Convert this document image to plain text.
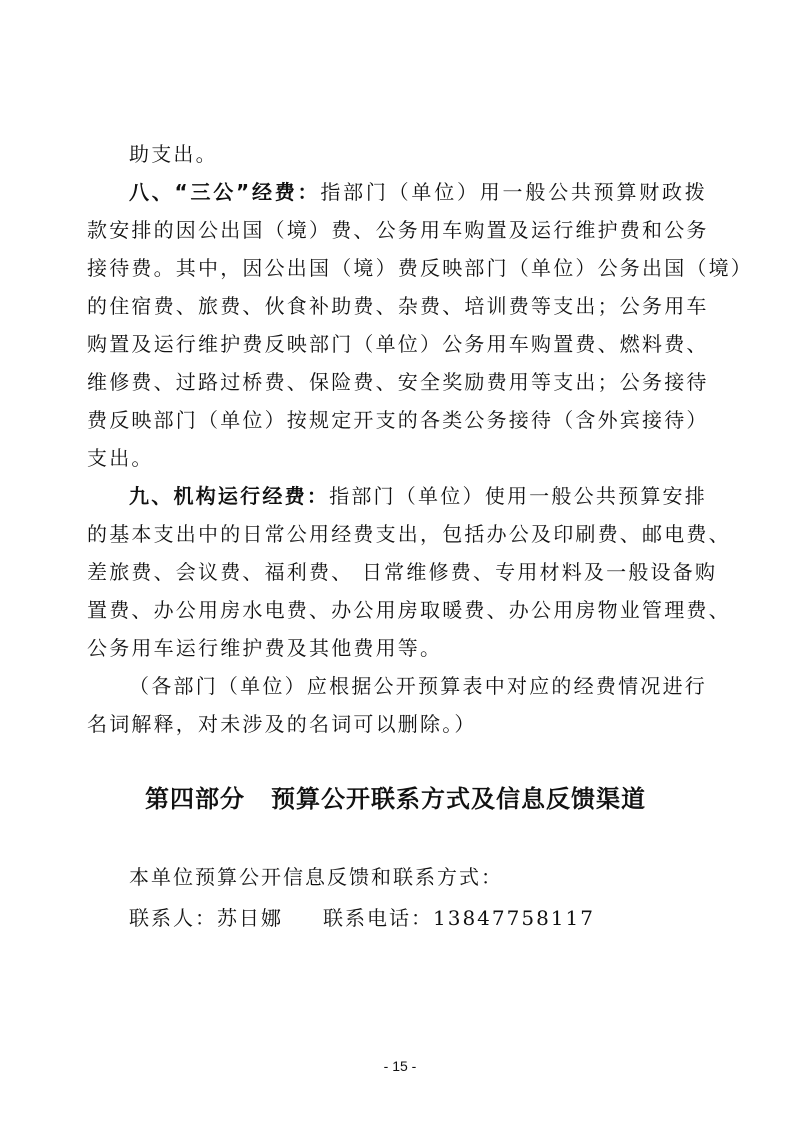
助支出。
八、“三公”经费：指部门（单位）用一般公共预算财政拨
款安排的因公出国（境）费、公务用车购置及运行维护费和公务
接待费。其中，因公出国（境）费反映部门（单位）公务出国（境）
的住宿费、旅费、伙食补助费、杂费、培训费等支出；公务用车
购置及运行维护费反映部门（单位）公务用车购置费、燃料费、
维修费、过路过桥费、保险费、安全奖励费用等支出；公务接待
费反映部门（单位）按规定开支的各类公务接待（含外宾接待）
支出。
九、机构运行经费：指部门（单位）使用一般公共预算安排
的基本支出中的日常公用经费支出，包括办公及印刷费、邮电费、
差旅费、会议费、福利费、 日常维修费、专用材料及一般设备购
置费、办公用房水电费、办公用房取暖费、办公用房物业管理费、
公务用车运行维护费及其他费用等。
（各部门（单位）应根据公开预算表中对应的经费情况进行
名词解释，对未涉及的名词可以删除。）
第四部分 预算公开联系方式及信息反馈渠道
本单位预算公开信息反馈和联系方式：
联系人：苏日娜 联系电话：13847758117
- 15 -
